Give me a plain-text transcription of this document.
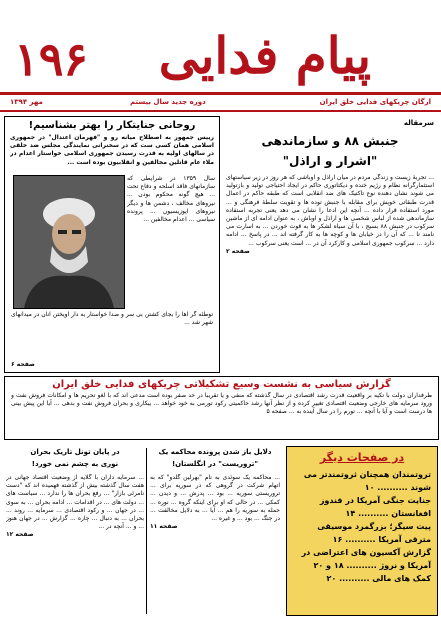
۱۹۶ پیام فدایی
ارگان چریکهای فدایی خلق ایران
دوره جدید سال بیستم
مهر ۱۳۹۴
سرمقاله
جنبش ۸۸ و سازماندهی
"اشرار و اراذل"
... تجربهٔ زیست و زندگی مردم در میان اراذل و اوباشی که هر روز در زیر سیاستهای استثمارگرانه نظام و رژیم خنده و دیکتاتوری حاکم در ایجاد احتیاجی تولید و بازتولید می شوند نشان دهنده نوع تاکتیک های ضد انقلابی است که طبقه حاکم در اعمال قدرت طبقاتی خویش برای مقابله با جنبش توده ها و تقویت سلطهٔ فرهنگی و ... مورد استفاده قرار داده ... آنچه این ادعا را نشان می دهد یعنی تجربه استفاده سازماندهی شده از لباس شخصی ها و اراذل و اوباش ، به عنوان ادامه ای از ماشین سرکوب در جنبش ۸۸ بسیج ، با آن سیاه لشکر ها به قوت خوردن ... به اسارت می نامند تا ... که آن را در خیابان ها و کوچه ها به کار گرفته اند ... در پاسخ ... ادامه دارد ... سرکوب جمهوری اسلامی و کارکرد آن در ... است یعنی سرکوب ...
صفحه ۲
روحانی جنایتکار را بهتر بشناسیم!
رییس جمهور به اصطلاح میانه رو و "فهرمان اعتدال" در جمهوری اسلامی همان کسی ست که در سخنرانی نمایندگی مجلس ضد خلقی در سالهای اولیه به قدرت رسیدن جمهوری اسلامی خواستار اعدام در ملاء عام قاتلین مخالفین و انقلابیون بوده است ...
سال ۱۳۵۹ در شرایطی که سازمانهای فاقد اسلحه و دفاع تحت ... هیچ گونه محکوم بودن ... نیروهای مخالف ، دشمن ها و دیگر نیروهای اپوزیسیون ... پرونده سیاسی ... اعدام مخالفین ...
توطئه گر اها را بجای کشتن بی سر و صدا خواستار به دار آویختن آنان در میدانهای شهر شد ...
صفحه ۶
گزارش سیاسی به نشست وسیع تشکیلاتی چریکهای فدایی خلق ایران
طرفداران دولت با تکیه بر واقعیت قدرت رشد اقتصادی در سال گذشته که منفی و یا تقریبا در حد صفر بوده است مدعی اند که با لغو تحریم ها و امکانات فروش نفت و ورود سرمایه های خارجی وضعیت اقتصادی تغییر کرده و از نظر آنها رشد حاکمیتی رکود تورمی به خود خواهد ... بیکاری و بحران فروش نفت و بدهی ... آیا این پیش بینی ها درست است و آیا با آنچه ... تورم را در سال آینده به ... صفحه ۵
دلایل باز شدن پرونده محاکمه یک
"تروریست" در انگلستان!
... محاکمه یک سوئدی به نام "بهرلین گلدو" که به اتهام شرکت در گروهی که در سوریه برای ... تروریستی سوریه ... بود ... پدرش ... و دیدن ... کمکی ... در حالی که او برای اینکه گروه ... نوره ... حمله به سوریه را هم ... آیا ... به دلایل مخالفت ... در جنگ ... بود ... و غیره ...
صفحه ۱۱
در پایان تونل تاریک بحران
نوری به چشم نمی خورد!
... سرمایه داران با گلایه از وضعیت اقتصاد جهانی در هفت سال گذشته بیش از گذشته فهمیده اند که "دست نامرئی بازار" ... رفع بحران ها را ندارد ... سیاست های ... دولت های ... در اقدامات ... ادامه بحران ... به سوی ... در جهان ... و رکود اقتصادی ... سرمایه ... روند ... بحران ... به دنبال ... چاره ... گزارش ... در جهان هنوز ... و ... آنچه در ...
صفحه ۱۲
در صفحات دیگر
تروتمندان همچنان ثروتمندتر می شوند .......... ۱۰
جنایت جنگی آمریکا در قندوز افغانستان .......... ۱۴
پیت سیگر؛ بزرگمرد موسیقی مترقی آمریکا .......... ۱۶
گزارش آکسیون های اعتراضی در آمریکا و نروژ .......... ۱۸ و ۲۰
کمک های مالی .......... ۲۰
